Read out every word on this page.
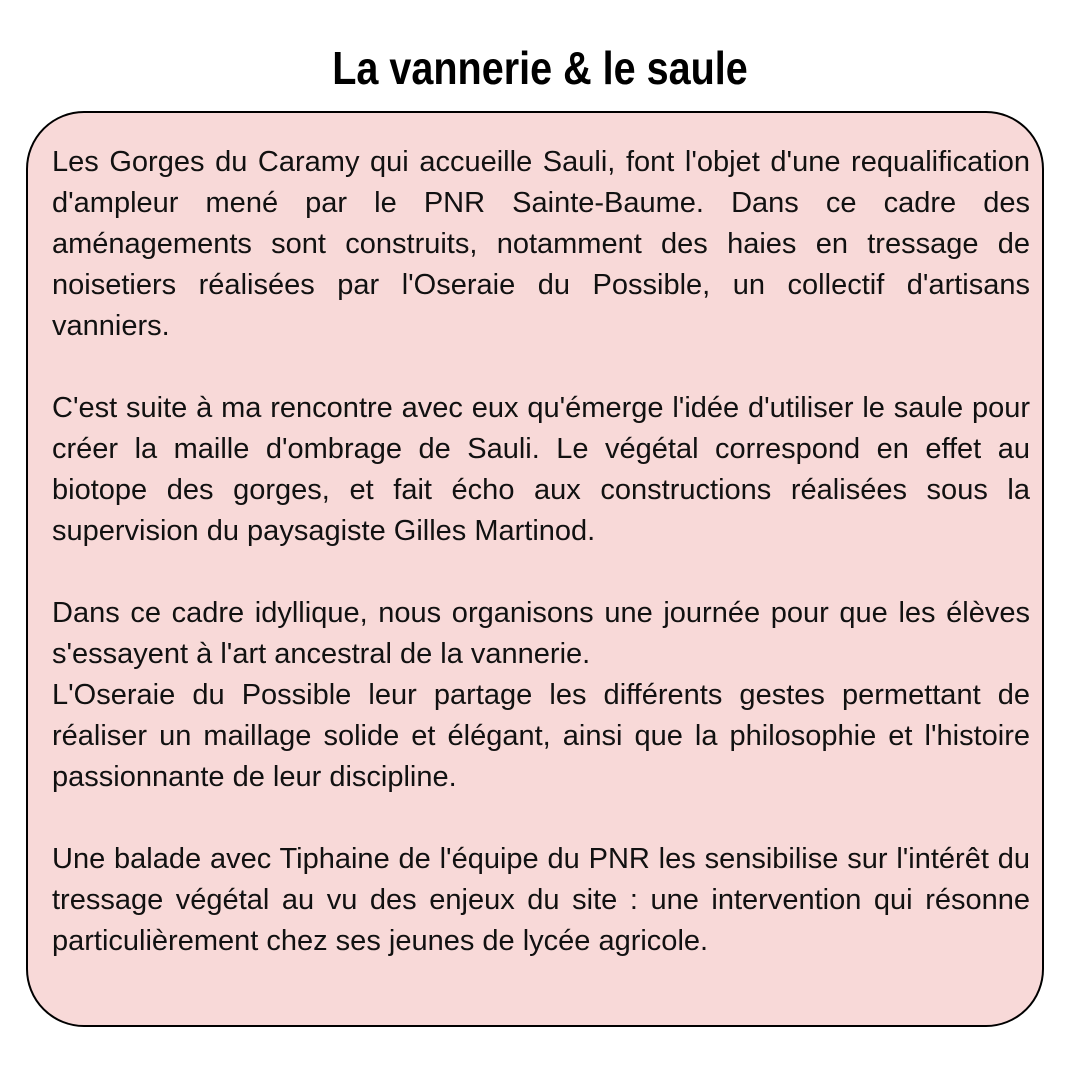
La vannerie & le saule

Les Gorges du Caramy qui accueille Sauli, font l'objet d'une requalification d'ampleur mené par le PNR Sainte-Baume. Dans ce cadre des aménagements sont construits, notamment des haies en tressage de noisetiers réalisées par l'Oseraie du Possible, un collectif d'artisans vanniers.

C'est suite à ma rencontre avec eux qu'émerge l'idée d'utiliser le saule pour créer la maille d'ombrage de Sauli. Le végétal correspond en effet au biotope des gorges, et fait écho aux constructions réalisées sous la supervision du paysagiste Gilles Martinod.

Dans ce cadre idyllique, nous organisons une journée pour que les élèves s'essayent à l'art ancestral de la vannerie.

L'Oseraie du Possible leur partage les différents gestes permettant de réaliser un maillage solide et élégant, ainsi que la philosophie et l'histoire passionnante de leur discipline.

Une balade avec Tiphaine de l'équipe du PNR les sensibilise sur l'intérêt du tressage végétal au vu des enjeux du site : une intervention qui résonne particulièrement chez ses jeunes de lycée agricole.
